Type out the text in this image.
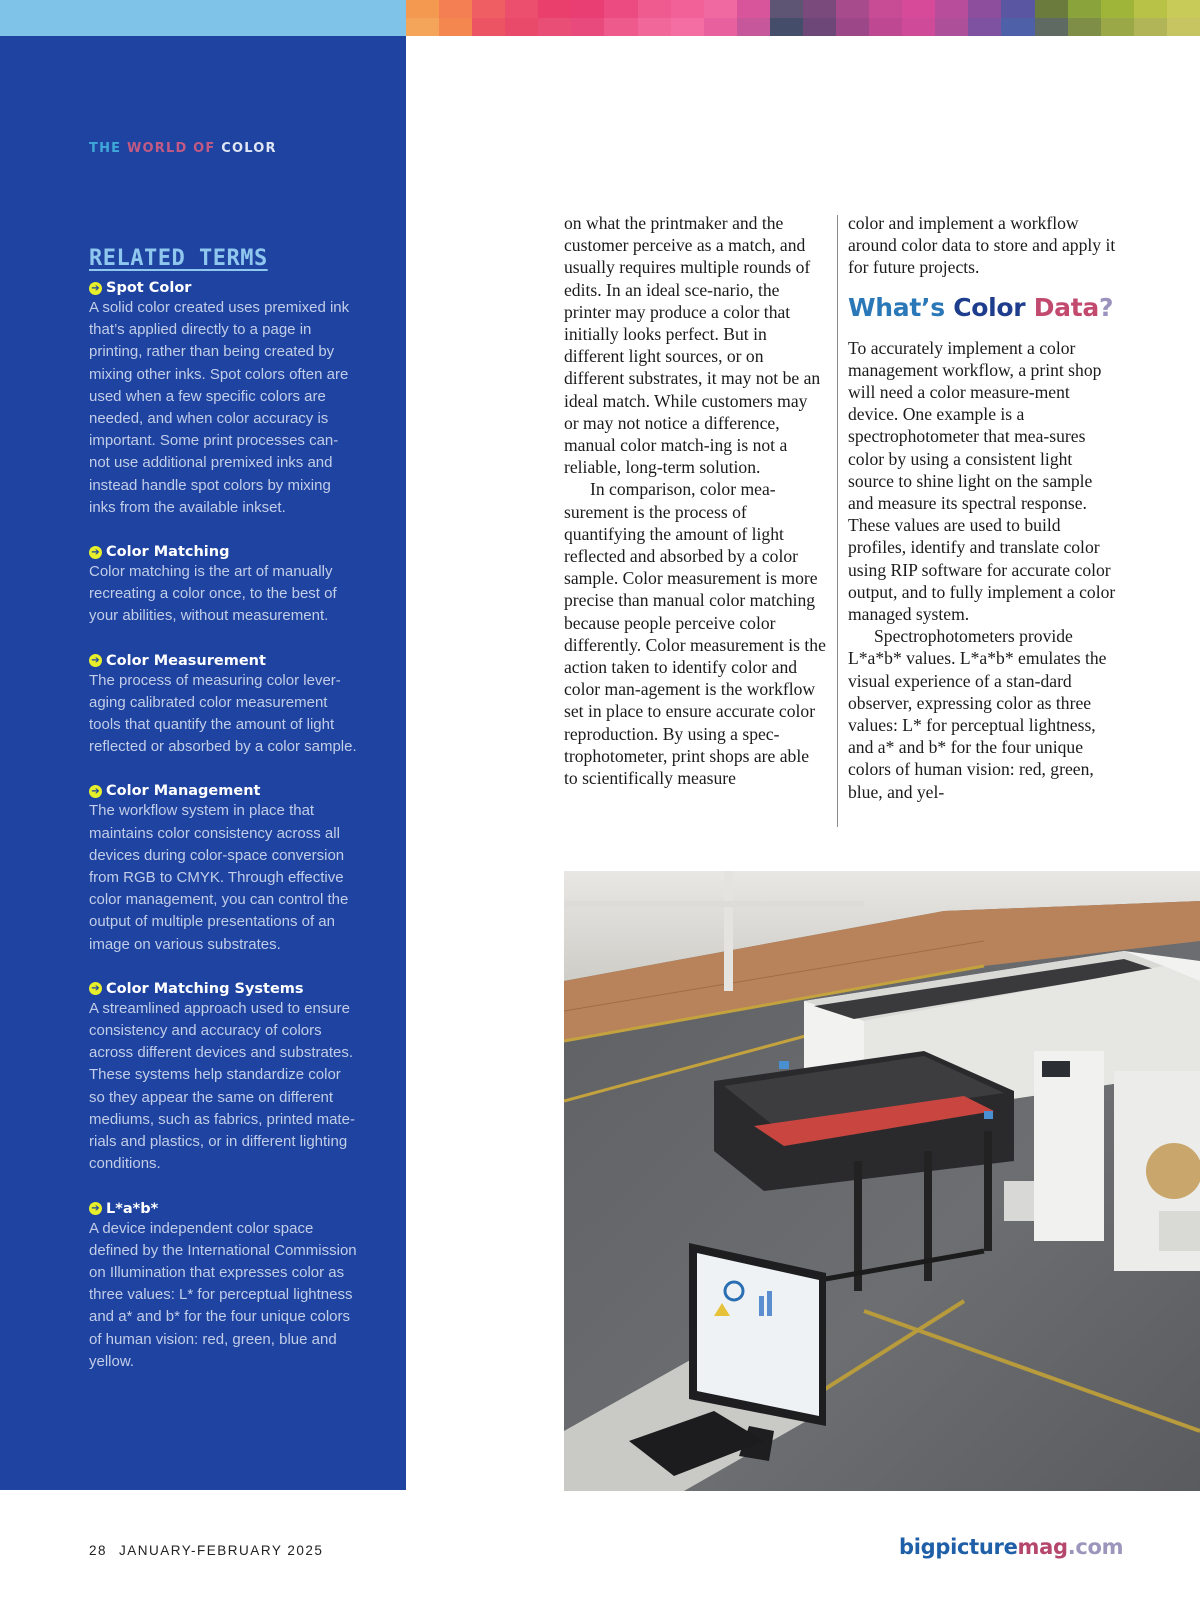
THE WORLD OF COLOR

RELATED TERMS
➔ Spot Color

A solid color created uses premixed ink that’s applied directly to a page in printing, rather than being created by mixing other inks. Spot colors often are used when a few specific colors are needed, and when color accuracy is important. Some print processes can-not use additional premixed inks and instead handle spot colors by mixing inks from the available inkset.

➔ Color Matching

Color matching is the art of manually recreating a color once, to the best of your abilities, without measurement.

➔ Color Measurement

The process of measuring color lever-aging calibrated color measurement tools that quantify the amount of light reflected or absorbed by a color sample.

➔ Color Management

The workflow system in place that maintains color consistency across all devices during color-space conversion from RGB to CMYK. Through effective color management, you can control the output of multiple presentations of an image on various substrates.

➔ Color Matching Systems

A streamlined approach used to ensure consistency and accuracy of colors across different devices and substrates. These systems help standardize color so they appear the same on different mediums, such as fabrics, printed mate-rials and plastics, or in different lighting conditions.

➔ L*a*b*

A device independent color space defined by the International Commission on Illumination that expresses color as three values: L* for perceptual lightness and a* and b* for the four unique colors of human vision: red, green, blue and yellow.

on what the printmaker and the customer perceive as a match, and usually requires multiple rounds of edits. In an ideal sce-nario, the printer may produce a color that initially looks perfect. But in different light sources, or on different substrates, it may not be an ideal match. While customers may or may not notice a difference, manual color match-ing is not a reliable, long-term solution.

In comparison, color mea-surement is the process of quantifying the amount of light reflected and absorbed by a color sample. Color measurement is more precise than manual color matching because people perceive color differently. Color measurement is the action taken to identify color and color man-agement is the workflow set in place to ensure accurate color reproduction. By using a spec-trophotometer, print shops are able to scientifically measure

color and implement a workflow around color data to store and apply it for future projects.

What’s Color Data?

To accurately implement a color management workflow, a print shop will need a color measure-ment device. One example is a spectrophotometer that mea-sures color by using a consistent light source to shine light on the sample and measure its spectral response. These values are used to build profiles, identify and translate color using RIP software for accurate color output, and to fully implement a color managed system.

Spectrophotometers provide L*a*b* values. L*a*b* emulates the visual experience of a stan-dard observer, expressing color as three values: L* for perceptual lightness, and a* and b* for the four unique colors of human vision: red, green, blue, and yel-

28 JANUARY-FEBRUARY 2025	bigpicturemag.com
